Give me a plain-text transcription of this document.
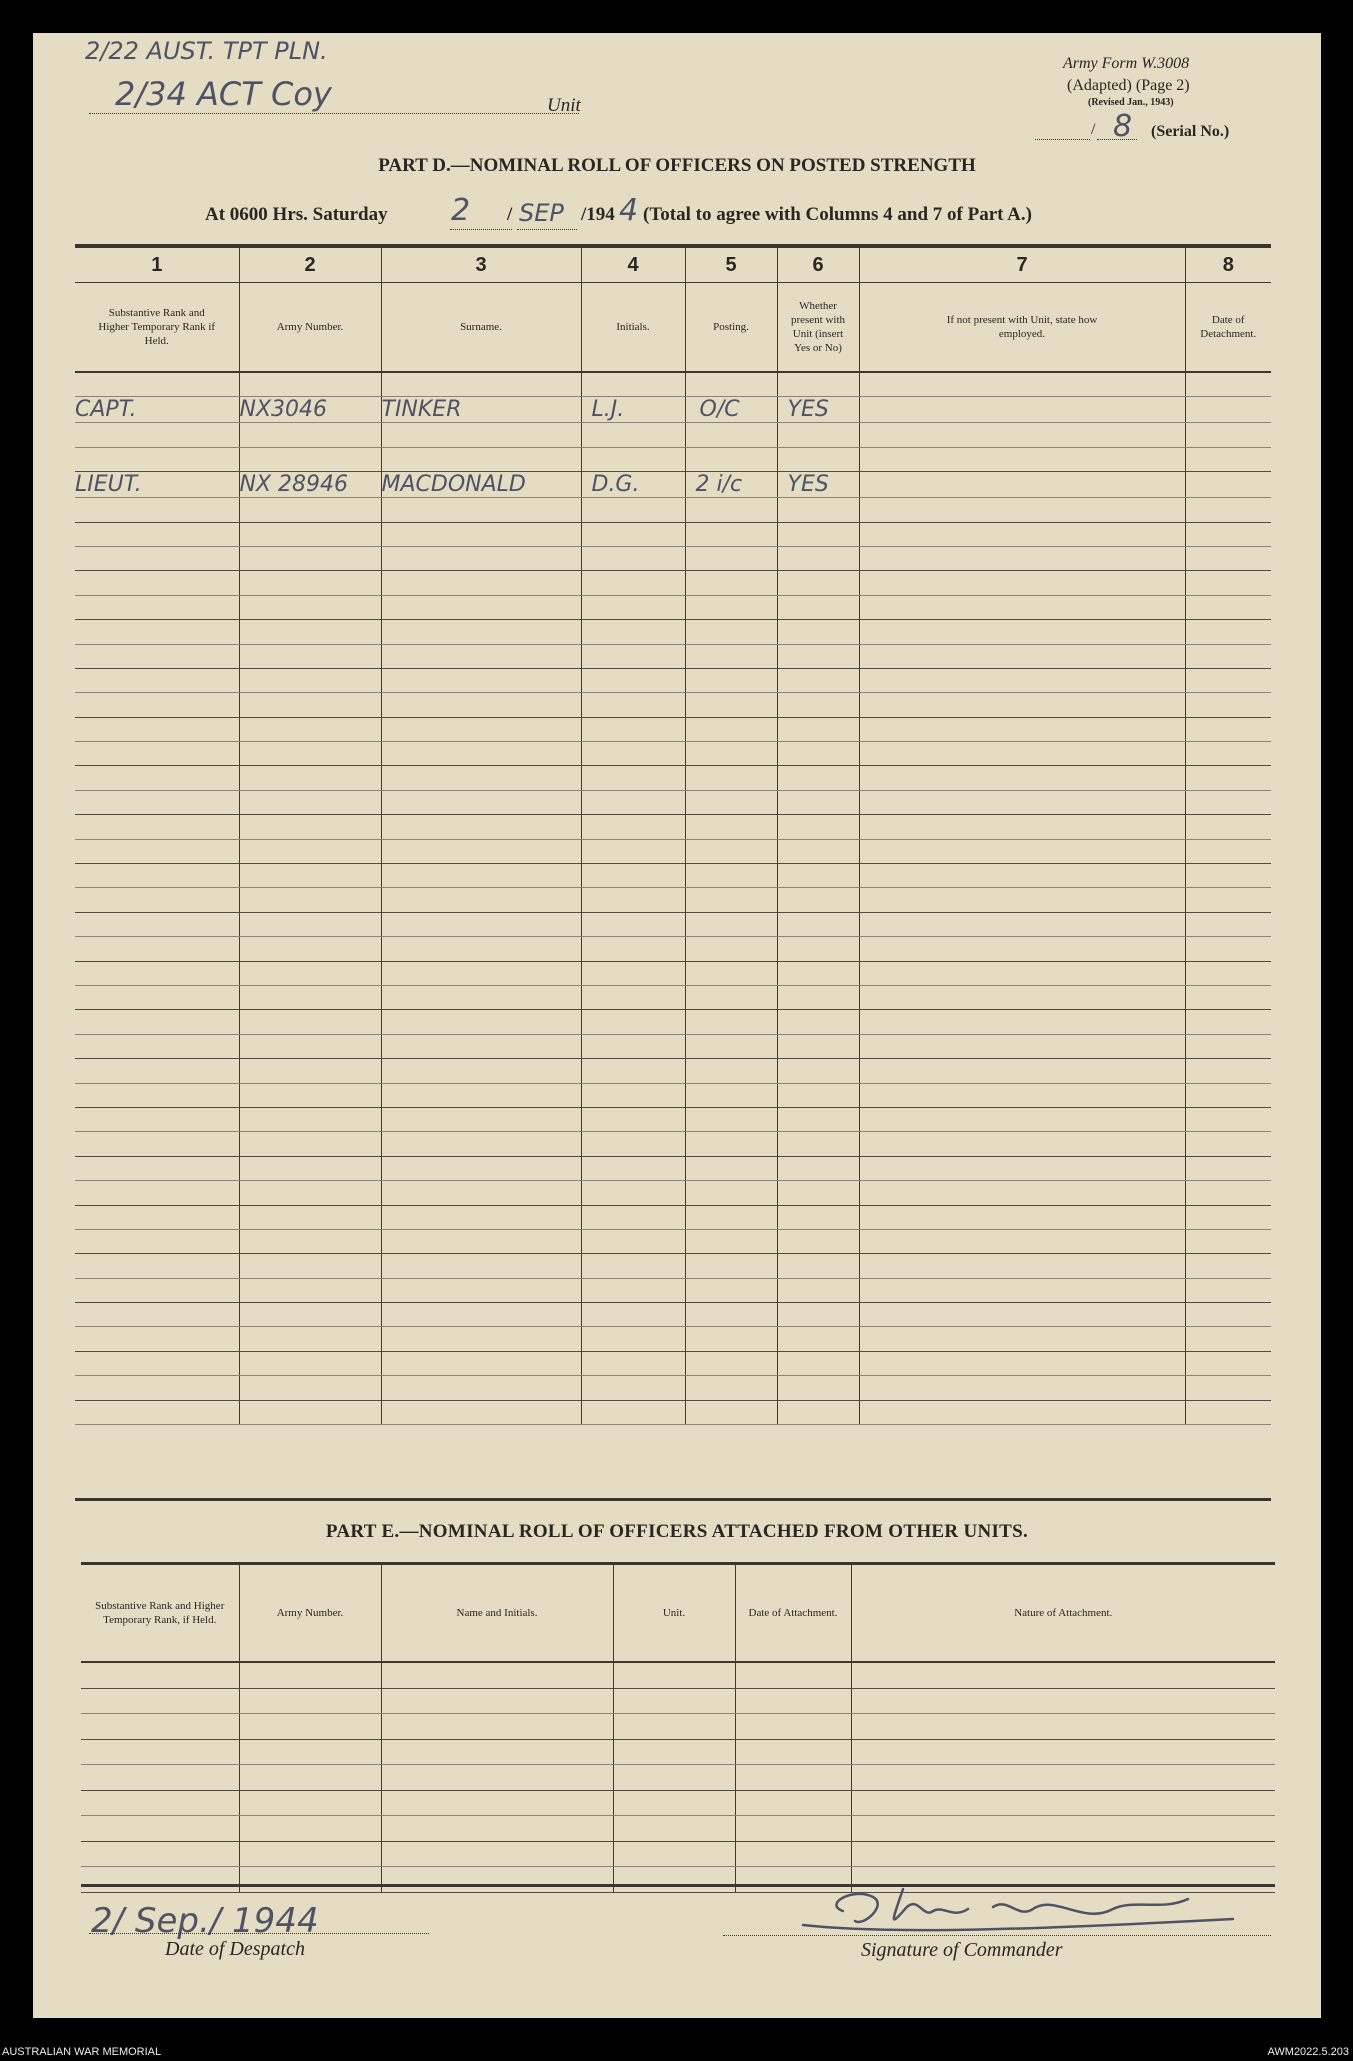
2/22 AUST. TPT PLN.
2/34 ACT Coy	Unit
Army Form W.3008
(Adapted) (Page 2)
(Revised Jan., 1943)
/ 8 (Serial No.)
PART D.—NOMINAL ROLL OF OFFICERS ON POSTED STRENGTH
At 0600 Hrs. Saturday 2 / SEP /194 4 (Total to agree with Columns 4 and 7 of Part A.)
1	2	3	4	5	6	7	8
Substantive Rank and Higher Temporary Rank if Held.	Army Number.	Surname.	Initials.	Posting.	Whether present with Unit (insert Yes or No)	If not present with Unit, state how employed.	Date of Detachment.

CAPT.	NX3046	TINKER	L.J.	O/C	YES		

LIEUT.	NX 28946	MACDONALD	D.G.	2 i/c	YES		

PART E.—NOMINAL ROLL OF OFFICERS ATTACHED FROM OTHER UNITS.
Substantive Rank and Higher Temporary Rank, if Held.	Army Number.	Name and Initials.	Unit.	Date of Attachment.	Nature of Attachment.

2/ Sep./ 1944
Date of Despatch	Signature of Commander
AUSTRALIAN WAR MEMORIAL	AWM2022.5.203
